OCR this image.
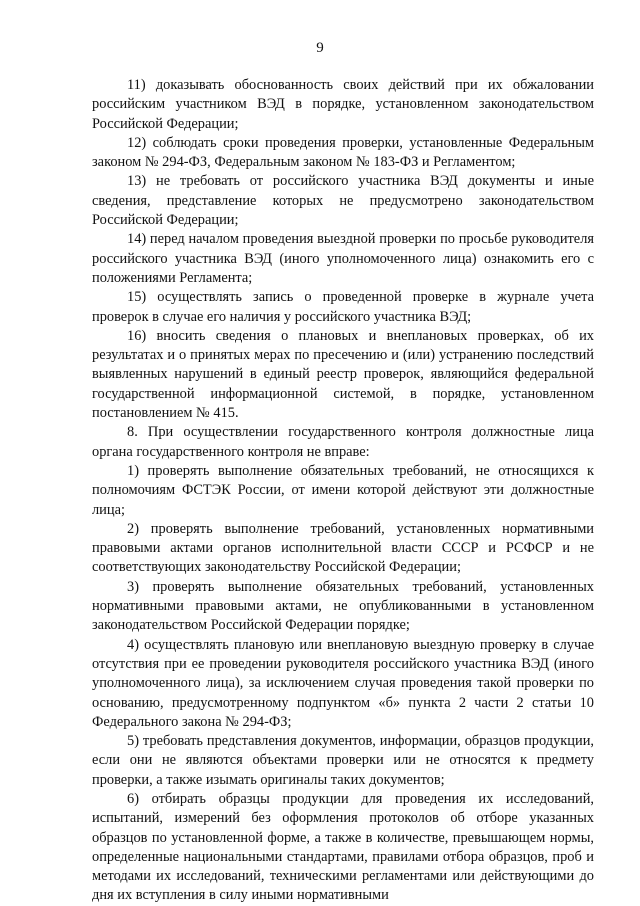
9

11) доказывать обоснованность своих действий при их обжаловании российским участником ВЭД в порядке, установленном законодательством Российской Федерации;

12) соблюдать сроки проведения проверки, установленные Федеральным законом № 294-ФЗ, Федеральным законом № 183-ФЗ и Регламентом;

13) не требовать от российского участника ВЭД документы и иные сведения, представление которых не предусмотрено законодательством Российской Федерации;

14) перед началом проведения выездной проверки по просьбе руководителя российского участника ВЭД (иного уполномоченного лица) ознакомить его с положениями Регламента;

15) осуществлять запись о проведенной проверке в журнале учета проверок в случае его наличия у российского участника ВЭД;

16) вносить сведения о плановых и внеплановых проверках, об их результатах и о принятых мерах по пресечению и (или) устранению последствий выявленных нарушений в единый реестр проверок, являющийся федеральной государственной информационной системой, в порядке, установленном постановлением № 415.

8. При осуществлении государственного контроля должностные лица органа государственного контроля не вправе:

1) проверять выполнение обязательных требований, не относящихся к полномочиям ФСТЭК России, от имени которой действуют эти должностные лица;

2) проверять выполнение требований, установленных нормативными правовыми актами органов исполнительной власти СССР и РСФСР и не соответствующих законодательству Российской Федерации;

3) проверять выполнение обязательных требований, установленных нормативными правовыми актами, не опубликованными в установленном законодательством Российской Федерации порядке;

4) осуществлять плановую или внеплановую выездную проверку в случае отсутствия при ее проведении руководителя российского участника ВЭД (иного уполномоченного лица), за исключением случая проведения такой проверки по основанию, предусмотренному подпунктом «б» пункта 2 части 2 статьи 10 Федерального закона № 294-ФЗ;

5) требовать представления документов, информации, образцов продукции, если они не являются объектами проверки или не относятся к предмету проверки, а также изымать оригиналы таких документов;

6) отбирать образцы продукции для проведения их исследований, испытаний, измерений без оформления протоколов об отборе указанных образцов по установленной форме, а также в количестве, превышающем нормы, определенные национальными стандартами, правилами отбора образцов, проб и методами их исследований, техническими регламентами или действующими до дня их вступления в силу иными нормативными
